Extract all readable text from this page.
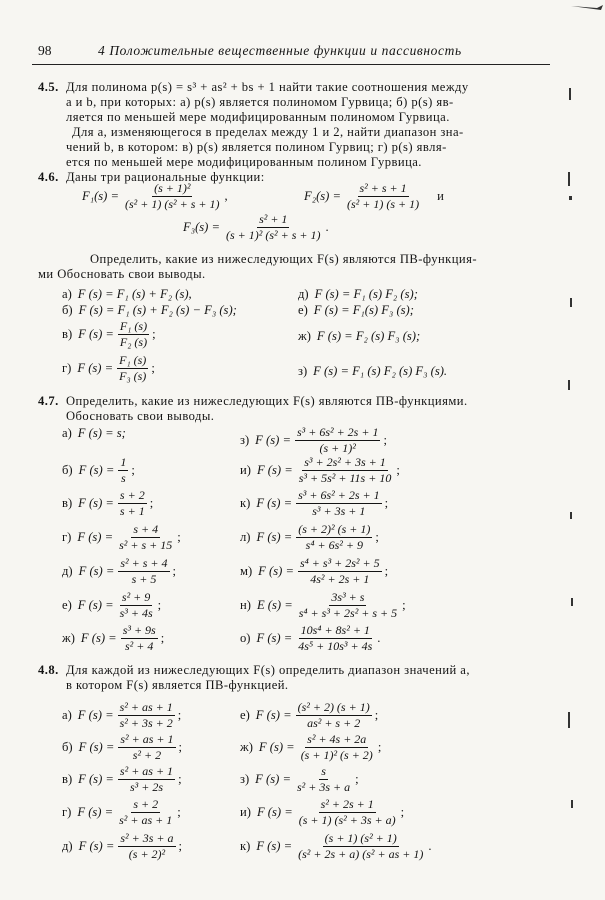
98	4 Положительные вещественные функции и пассивность
4.5. Для полинома p(s) = s³ + as² + bs + 1 найти такие соотношения между
a и b, при которых: а) p(s) является полиномом Гурвица; б) p(s) яв-
ляется по меньшей мере модифицированным полиномом Гурвица.
Для a, изменяющегося в пределах между 1 и 2, найти диапазон зна-
чений b, в котором: в) p(s) является полином Гурвиц; г) p(s) явля-
ется по меньшей мере модифицированным полином Гурвица.
4.6. Даны три рациональные функции:
$F_1(s) = \frac{\text{(s + 1)²}}{\text{(s² + 1) (s² + s + 1)}}$ ,	$F_2(s) = \frac{\text{s² + s + 1}}{\text{(s² + 1) (s + 1)}}$ и
$F_3(s) = \frac{\text{s² + 1}}{\text{(s + 1)² (s² + s + 1)}}$ .
Определить, какие из нижеследующих F(s) являются ПВ-функция-
ми Обосновать свои выводы.
а) F (s) = F₁ (s) + F₂ (s),
б) F (s) = F₁ (s) + F₂ (s) − F₃ (s);
в) F $(s) = \frac{\text{F₁ (s)}}{\text{F₂ (s)}}$ ;
г) F $(s) = \frac{\text{F₁ (s)}}{\text{F₃ (s)}}$ ;
д) F (s) = F₁ (s) F₂ (s);
е) F (s) = F₁(s) F₃ (s);
ж) F (s) = F₂ (s) F₃ (s);
з) F (s) = F₁ (s) F₂ (s) F₃ (s).
4.7. Определить, какие из нижеследующих F(s) являются ПВ-функциями.
Обосновать свои выводы.
а) F (s) = s;
б) F $(s) = \frac{1}{s}$ ;
в) F $(s) = \frac{s + 2}{s + 1}$ ;
г) F $(s) = \frac{s + 4}{\text{s² + s + 15}}$ ;
д) F $(s) = \frac{\text{s² + s + 4}}{s + 5}$ ;
е) F $(s) = \frac{\text{s² + 9}}{\text{s³ + 4s}}$ ;
ж) F $(s) = \frac{\text{s³ + 9s}}{\text{s² + 4}}$ ;
з) F $(s) = \frac{\text{s³ + 6s² + 2s + 1}}{\text{(s + 1)²}}$ ;
и) F $(s) = \frac{\text{s³ + 2s² + 3s + 1}}{\text{s³ + 5s² + 11s + 10}}$ ;
к) F $(s) = \frac{\text{s³ + 6s² + 2s + 1}}{\text{s³ + 3s + 1}}$ ;
л) F $(s) = \frac{\text{(s + 2)² (s + 1)}}{\text{s⁴ + 6s² + 9}}$ ;
м) F $(s) = \frac{\text{s⁴ + s³ + 2s² + 5}}{\text{4s² + 2s + 1}}$ ;
н) E $(s) = \frac{\text{3s³ + s}}{\text{s⁴ + s³ + 2s² + s + 5}}$ ;
о) F $(s) = \frac{\text{10s⁴ + 8s² + 1}}{\text{4s⁵ + 10s³ + 4s}}$ .
4.8. Для каждой из нижеследующих F(s) определить диапазон значений a,
в котором F(s) является ПВ-функцией.
а) F $(s) = \frac{\text{s² + as + 1}}{\text{s² + 3s + 2}}$ ;
б) F $(s) = \frac{\text{s² + as + 1}}{\text{s² + 2}}$ ;
в) F $(s) = \frac{\text{s² + as + 1}}{\text{s³ + 2s}}$ ;
г) F $(s) = \frac{s + 2}{\text{s² + as + 1}}$ ;
д) F $(s) = \frac{\text{s² + 3s + a}}{\text{(s + 2)²}}$ ;
е) F $(s) = \frac{\text{(s² + 2) (s + 1)}}{\text{as² + s + 2}}$ ;
ж) F $(s) = \frac{\text{s² + 4s + 2a}}{\text{(s + 1)² (s + 2)}}$ ;
з) F $(s) = \frac{s}{\text{s² + 3s + a}}$ ;
и) F $(s) = \frac{\text{s² + 2s + 1}}{\text{(s + 1) (s² + 3s + a)}}$ ;
к) F $(s) = \frac{\text{(s + 1) (s² + 1)}}{\text{(s² + 2s + a) (s² + as + 1)}}$ .
